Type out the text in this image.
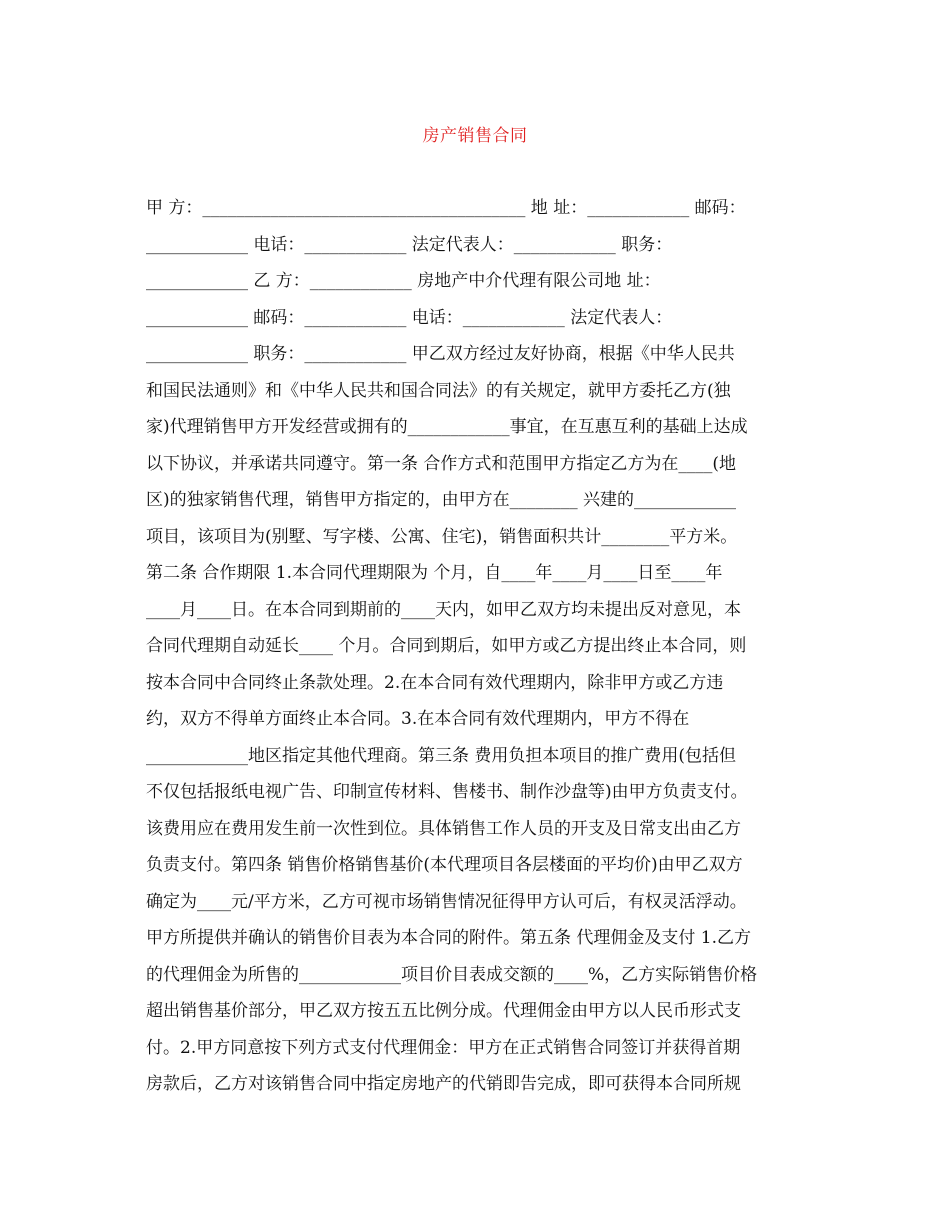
房产销售合同
甲 方：______________________________________ 地 址：____________ 邮码：
____________ 电话：____________ 法定代表人：____________ 职务：
____________ 乙 方：____________ 房地产中介代理有限公司地 址：
____________ 邮码：____________ 电话：____________ 法定代表人：
____________ 职务：____________ 甲乙双方经过友好协商，根据《中华人民共
和国民法通则》和《中华人民共和国合同法》的有关规定，就甲方委托乙方(独
家)代理销售甲方开发经营或拥有的____________事宜，在互惠互利的基础上达成
以下协议，并承诺共同遵守。第一条 合作方式和范围甲方指定乙方为在____(地
区)的独家销售代理，销售甲方指定的，由甲方在________ 兴建的____________
项目，该项目为(别墅、写字楼、公寓、住宅)，销售面积共计________平方米。
第二条 合作期限 1.本合同代理期限为 个月，自____年____月____日至____年
____月____日。在本合同到期前的____天内，如甲乙双方均未提出反对意见，本
合同代理期自动延长____ 个月。合同到期后，如甲方或乙方提出终止本合同，则
按本合同中合同终止条款处理。2.在本合同有效代理期内，除非甲方或乙方违
约，双方不得单方面终止本合同。3.在本合同有效代理期内，甲方不得在
____________地区指定其他代理商。第三条 费用负担本项目的推广费用(包括但
不仅包括报纸电视广告、印制宣传材料、售楼书、制作沙盘等)由甲方负责支付。
该费用应在费用发生前一次性到位。具体销售工作人员的开支及日常支出由乙方
负责支付。第四条 销售价格销售基价(本代理项目各层楼面的平均价)由甲乙双方
确定为____元/平方米，乙方可视市场销售情况征得甲方认可后，有权灵活浮动。
甲方所提供并确认的销售价目表为本合同的附件。第五条 代理佣金及支付 1.乙方
的代理佣金为所售的____________项目价目表成交额的____%，乙方实际销售价格
超出销售基价部分，甲乙双方按五五比例分成。代理佣金由甲方以人民币形式支
付。2.甲方同意按下列方式支付代理佣金：甲方在正式销售合同签订并获得首期
房款后，乙方对该销售合同中指定房地产的代销即告完成，即可获得本合同所规
